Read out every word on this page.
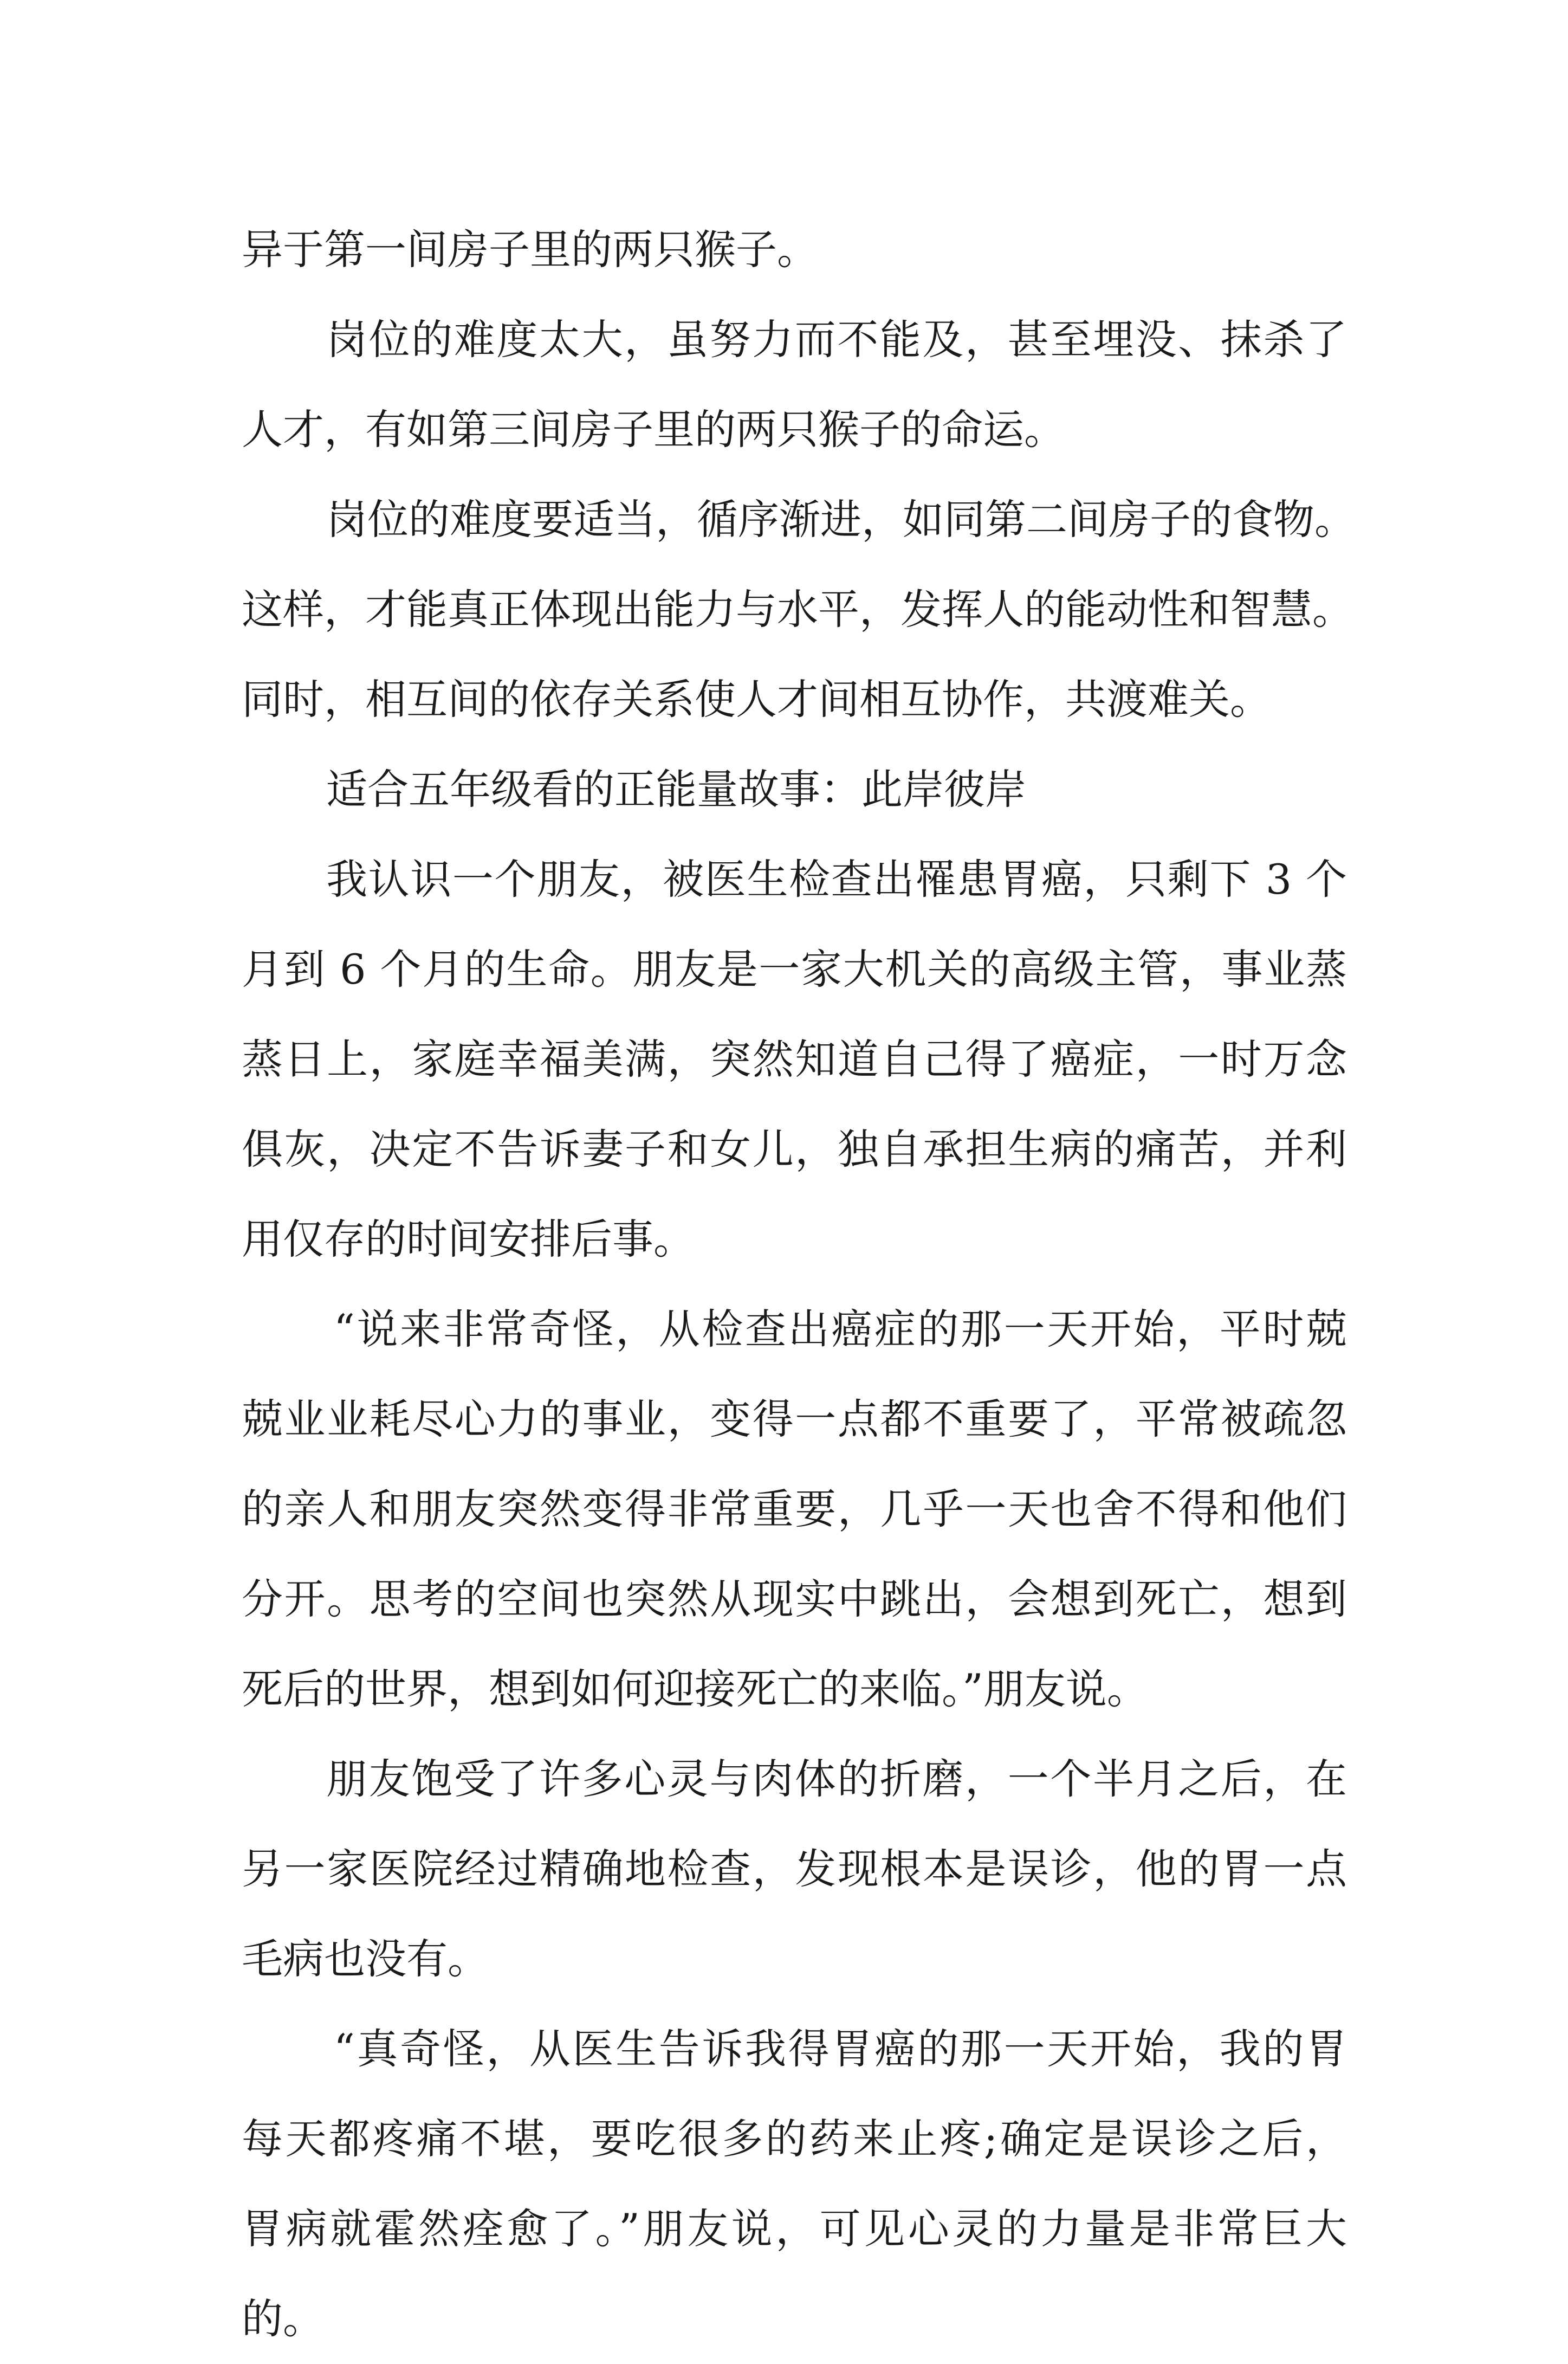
异于第一间房子里的两只猴子。
岗位的难度太大，虽努力而不能及，甚至埋没、抹杀了
人才，有如第三间房子里的两只猴子的命运。
岗位的难度要适当，循序渐进，如同第二间房子的食物。
这样，才能真正体现出能力与水平，发挥人的能动性和智慧。
同时，相互间的依存关系使人才间相互协作，共渡难关。
适合五年级看的正能量故事：此岸彼岸
我认识一个朋友，被医生检查出罹患胃癌，只剩下 3 个
月到 6 个月的生命。朋友是一家大机关的高级主管，事业蒸
蒸日上，家庭幸福美满，突然知道自己得了癌症，一时万念
俱灰，决定不告诉妻子和女儿，独自承担生病的痛苦，并利
用仅存的时间安排后事。
“说来非常奇怪，从检查出癌症的那一天开始，平时兢
兢业业耗尽心力的事业，变得一点都不重要了，平常被疏忽
的亲人和朋友突然变得非常重要，几乎一天也舍不得和他们
分开。思考的空间也突然从现实中跳出，会想到死亡，想到
死后的世界，想到如何迎接死亡的来临。”朋友说。
朋友饱受了许多心灵与肉体的折磨，一个半月之后，在
另一家医院经过精确地检查，发现根本是误诊，他的胃一点
毛病也没有。
“真奇怪，从医生告诉我得胃癌的那一天开始，我的胃
每天都疼痛不堪，要吃很多的药来止疼;确定是误诊之后，
胃病就霍然痊愈了。”朋友说，可见心灵的力量是非常巨大
的。
